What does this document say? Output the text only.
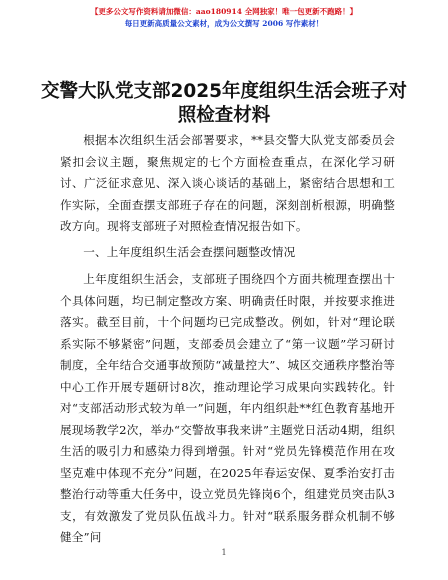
【更多公文写作资料请加微信：aao180914 全网独家！唯一包更新不跑路！】
每日更新高质量公文素材，成为公文撰写 2006 写作素材！
交警大队党支部2025年度组织生活会班子对照检查材料

根据本次组织生活会部署要求，**县交警大队党支部委员会紧扣会议主题，聚焦规定的七个方面检查重点，在深化学习研讨、广泛征求意见、深入谈心谈话的基础上，紧密结合思想和工作实际，全面查摆支部班子存在的问题，深刻剖析根源，明确整改方向。现将支部班子对照检查情况报告如下。

一、上年度组织生活会查摆问题整改情况

上年度组织生活会，支部班子围绕四个方面共梳理查摆出十个具体问题，均已制定整改方案、明确责任时限，并按要求推进落实。截至目前，十个问题均已完成整改。例如，针对“理论联系实际不够紧密”问题，支部委员会建立了“第一议题”学习研讨制度，全年结合交通事故预防“减量控大”、城区交通秩序整治等中心工作开展专题研讨8次，推动理论学习成果向实践转化。针对“支部活动形式较为单一”问题，年内组织赴**红色教育基地开展现场教学2次，举办“交警故事我来讲”主题党日活动4期，组织生活的吸引力和感染力得到增强。针对“党员先锋模范作用在攻坚克难中体现不充分”问题，在2025年春运安保、夏季治安打击整治行动等重大任务中，设立党员先锋岗6个，组建党员突击队3支，有效激发了党员队伍战斗力。针对“联系服务群众机制不够健全”问

1
